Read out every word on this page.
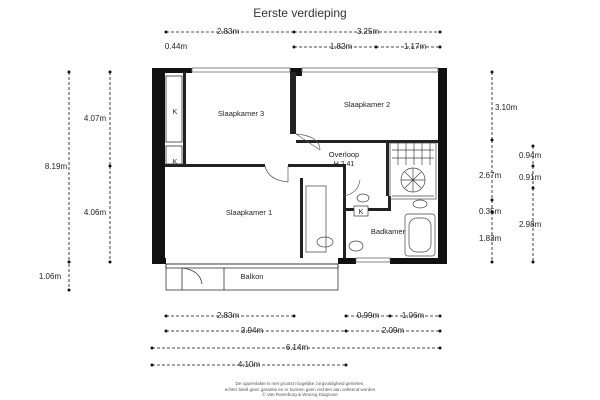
Eerste verdieping
2.83m	3.25m
0.44m	1.82m	1.17m
8.19m
4.07m
4.06m
1.06m
3.10m
2.67m
0.35m
1.83m
0.94m
0.91m
2.98m
Slaapkamer 3
Slaapkamer 2
Overloop
H 2.41
Slaapkamer 1
Badkamer
Balkon
K
K
K
2.83m	0.99m	1.06m
3.94m	2.09m
6.14m
4.10m
De oppervlakte is met grootst mogelijke zorgvuldigheid gemeten,
echter biedt geen garantie en er kunnen geen rechten aan ontleend worden
© Van Roemburg & Woning Diagnose
